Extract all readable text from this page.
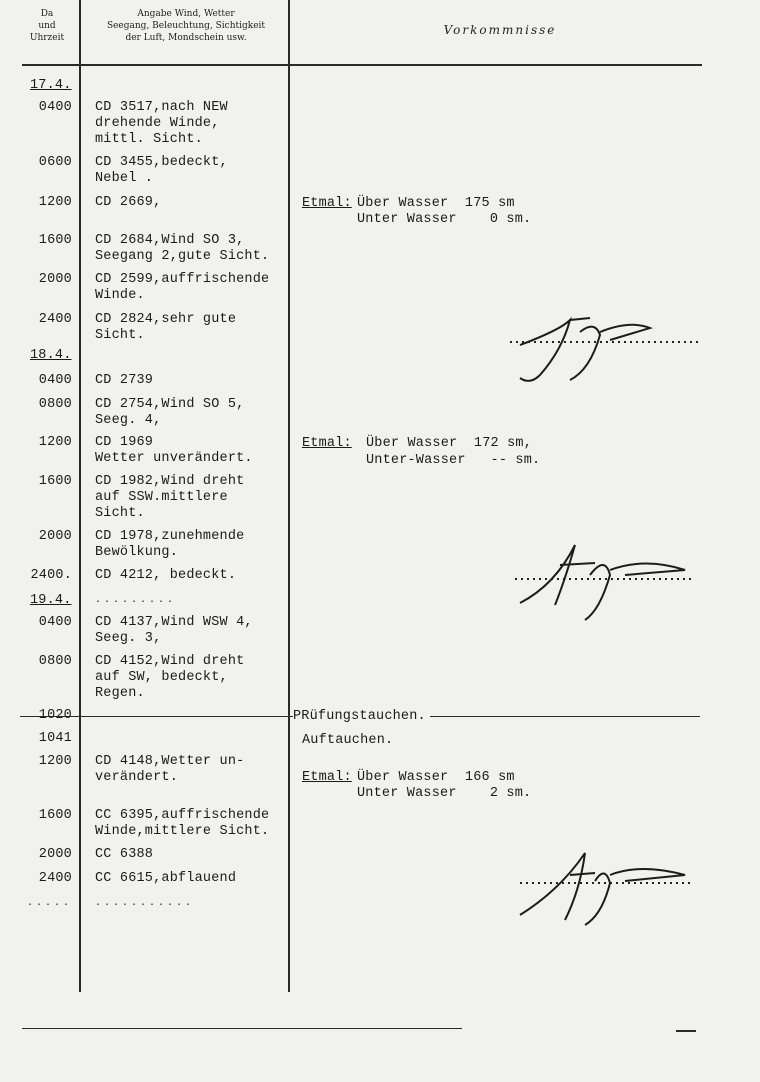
Da
und
Uhrzeit
Angabe Wind, Wetter
Seegang, Beleuchtung, Sichtigkeit
der Luft, Mondschein usw.
Vorkommnisse
17.4.
0400
0600
1200
1600
2000
2400
18.4.
0400
0800
1200
1600
2000
2400.
19.4.
0400
0800
1020
1041
1200
1600
2000
2400
.....
CD 3517,nach NEW
drehende Winde,
mittl. Sicht.
CD 3455,bedeckt,
Nebel .
CD 2669,
CD 2684,Wind SO 3,
Seegang 2,gute Sicht.
CD 2599,auffrischende
Winde.
CD 2824,sehr gute
Sicht.
CD 2739
CD 2754,Wind SO 5,
Seeg. 4,
CD 1969
Wetter unverändert.
CD 1982,Wind dreht
auf SSW.mittlere
Sicht.
CD 1978,zunehmende
Bewölkung.
CD 4212, bedeckt.
.........
CD 4137,Wind WSW 4,
Seeg. 3,
CD 4152,Wind dreht
auf SW, bedeckt,
Regen.
CD 4148,Wetter un-
verändert.
CC 6395,auffrischende
Winde,mittlere Sicht.
CC 6388
CC 6615,abflauend
...........
Etmal: Über Wasser  175 sm
Unter Wasser    0 sm.
Etmal: Über Wasser  172 sm,
Unter-Wasser   -- sm.
PRüfungstauchen.
Auftauchen.
Etmal: Über Wasser  166 sm
Unter Wasser    2 sm.
